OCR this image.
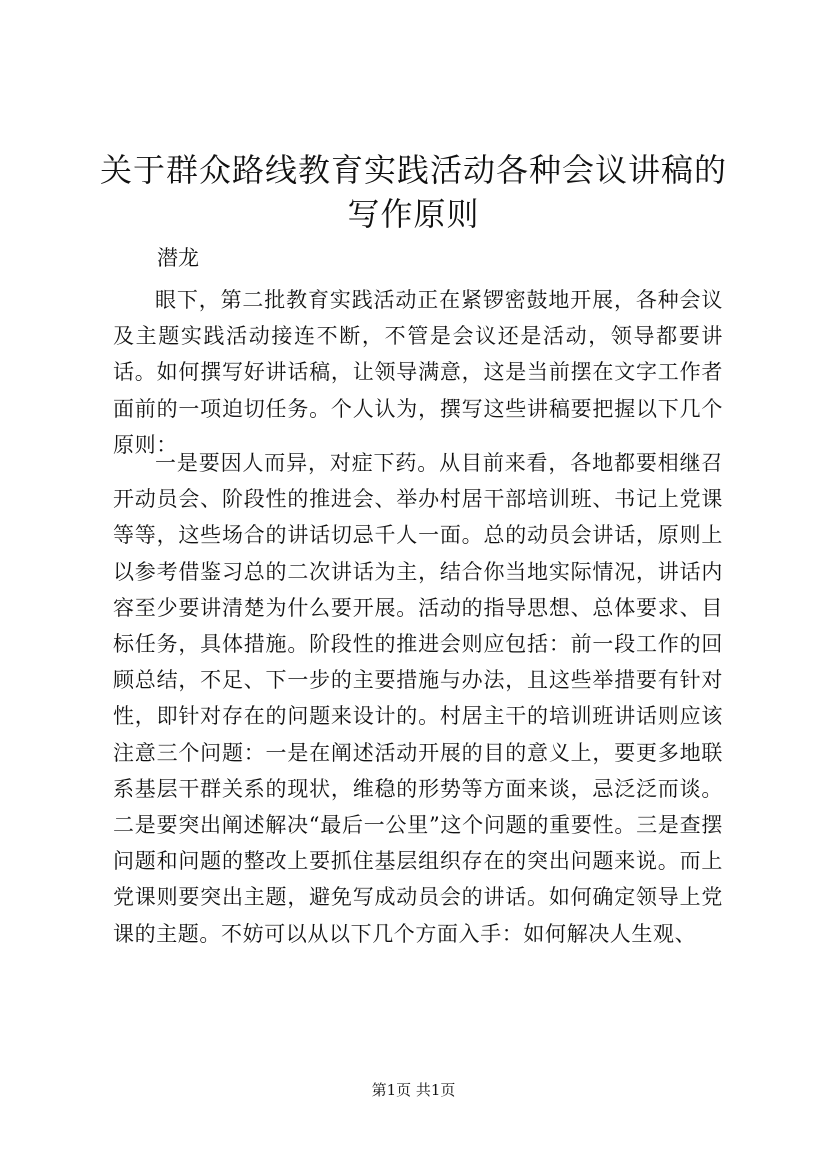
关于群众路线教育实践活动各种会议讲稿的写作原则
潜龙

眼下，第二批教育实践活动正在紧锣密鼓地开展，各种会议及主题实践活动接连不断，不管是会议还是活动，领导都要讲话。如何撰写好讲话稿，让领导满意，这是当前摆在文字工作者面前的一项迫切任务。个人认为，撰写这些讲稿要把握以下几个原则：

一是要因人而异，对症下药。从目前来看，各地都要相继召开动员会、阶段性的推进会、举办村居干部培训班、书记上党课等等，这些场合的讲话切忌千人一面。总的动员会讲话，原则上以参考借鉴习总的二次讲话为主，结合你当地实际情况，讲话内容至少要讲清楚为什么要开展。活动的指导思想、总体要求、目标任务，具体措施。阶段性的推进会则应包括：前一段工作的回顾总结，不足、下一步的主要措施与办法，且这些举措要有针对性，即针对存在的问题来设计的。村居主干的培训班讲话则应该注意三个问题：一是在阐述活动开展的目的意义上，要更多地联系基层干群关系的现状，维稳的形势等方面来谈，忌泛泛而谈。二是要突出阐述解决“最后一公里”这个问题的重要性。三是查摆问题和问题的整改上要抓住基层组织存在的突出问题来说。而上党课则要突出主题，避免写成动员会的讲话。如何确定领导上党课的主题。不妨可以从以下几个方面入手：如何解决人生观、

第1页 共1页
